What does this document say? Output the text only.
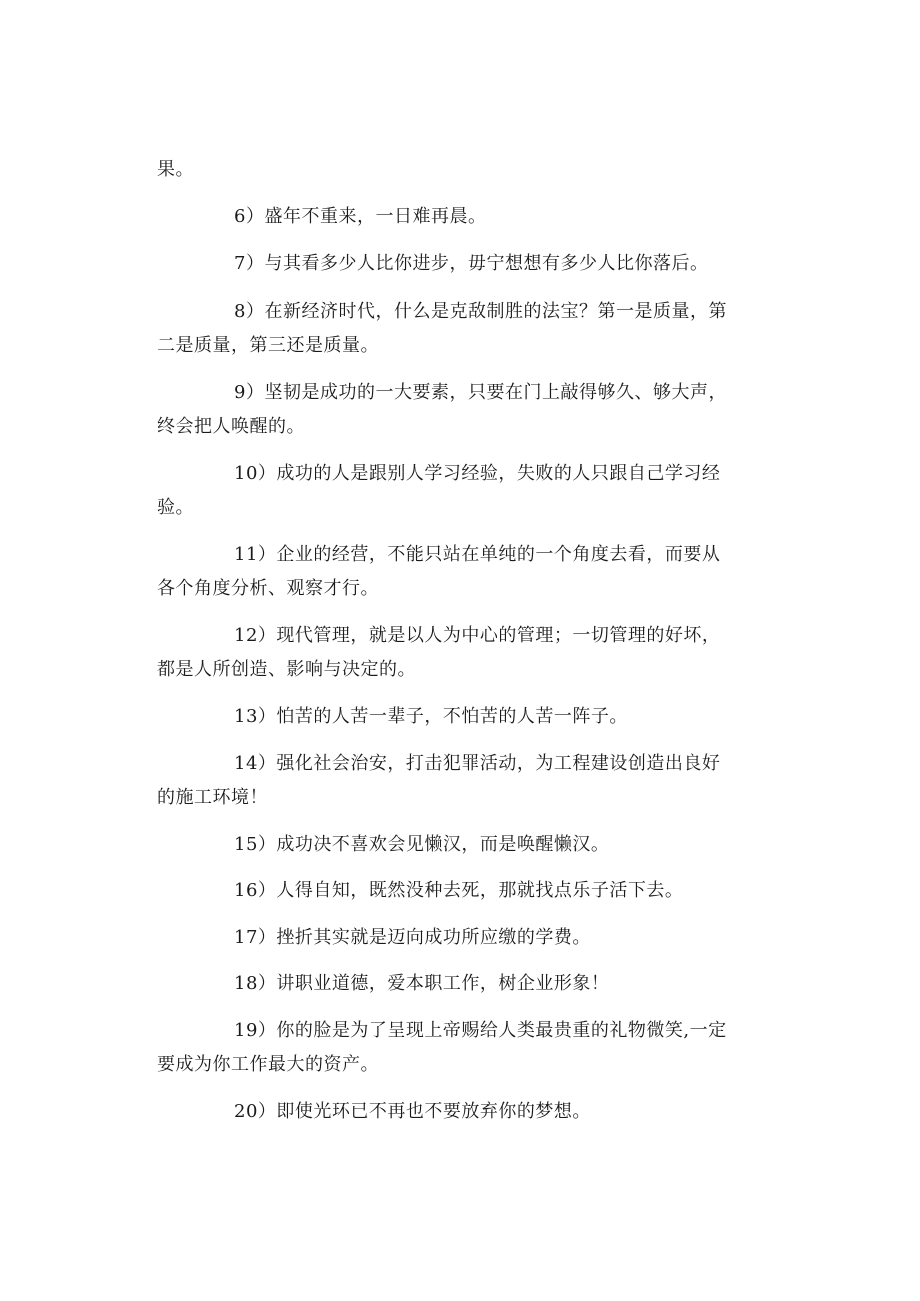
果。

6）盛年不重来，一日难再晨。

7）与其看多少人比你进步，毋宁想想有多少人比你落后。

8）在新经济时代，什么是克敌制胜的法宝？第一是质量，第

二是质量，第三还是质量。

9）坚韧是成功的一大要素，只要在门上敲得够久、够大声，

终会把人唤醒的。

10）成功的人是跟别人学习经验，失败的人只跟自己学习经

验。

11）企业的经营，不能只站在单纯的一个角度去看，而要从

各个角度分析、观察才行。

12）现代管理，就是以人为中心的管理；一切管理的好坏，

都是人所创造、影响与决定的。

13）怕苦的人苦一辈子，不怕苦的人苦一阵子。

14）强化社会治安，打击犯罪活动，为工程建设创造出良好

的施工环境！

15）成功决不喜欢会见懒汉，而是唤醒懒汉。

16）人得自知，既然没种去死，那就找点乐子活下去。

17）挫折其实就是迈向成功所应缴的学费。

18）讲职业道德，爱本职工作，树企业形象！

19）你的脸是为了呈现上帝赐给人类最贵重的礼物微笑,一定

要成为你工作最大的资产。

20）即使光环已不再也不要放弃你的梦想。
